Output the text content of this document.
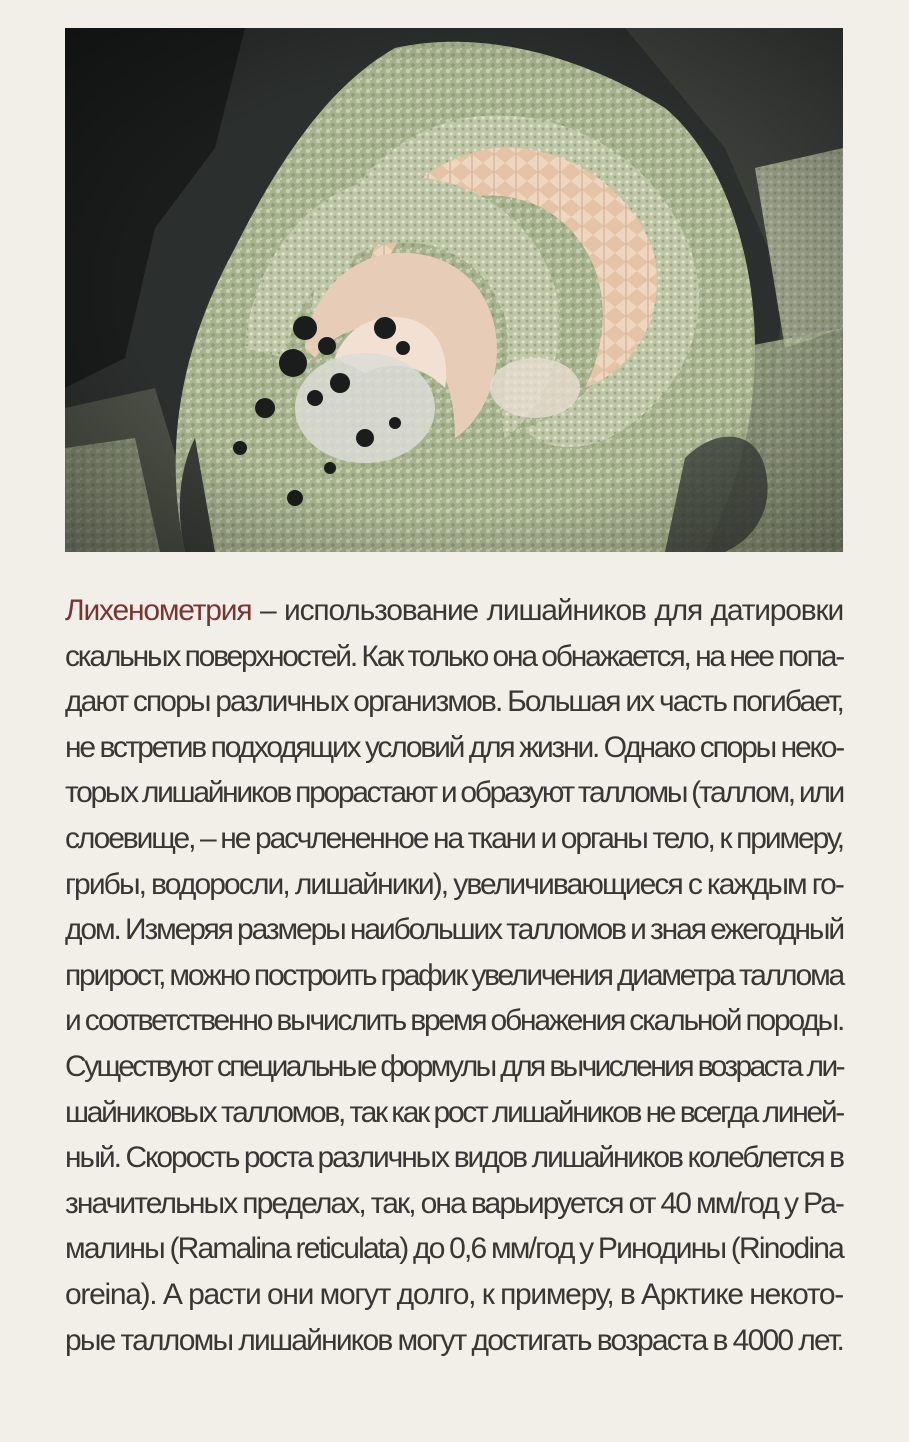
Лихенометрия – использование лишайников для датировки
скальных поверхностей. Как только она обнажается, на нее попа-
дают споры различных организмов. Большая их часть погибает,
не встретив подходящих условий для жизни. Однако споры неко-
торых лишайников прорастают и образуют талломы (таллом, или
слоевище, – не расчлененное на ткани и органы тело, к примеру,
грибы, водоросли, лишайники), увеличивающиеся с каждым го-
дом. Измеряя размеры наибольших талломов и зная ежегодный
прирост, можно построить график увеличения диаметра таллома
и соответственно вычислить время обнажения скальной породы.
Существуют специальные формулы для вычисления возраста ли-
шайниковых талломов, так как рост лишайников не всегда линей-
ный. Скорость роста различных видов лишайников колеблется в
значительных пределах, так, она варьируется от 40 мм/год у Ра-
малины (Ramalina reticulata) до 0,6 мм/год у Ринодины (Rinodina
oreina). А расти они могут долго, к примеру, в Арктике некото-
рые талломы лишайников могут достигать возраста в 4000 лет.
